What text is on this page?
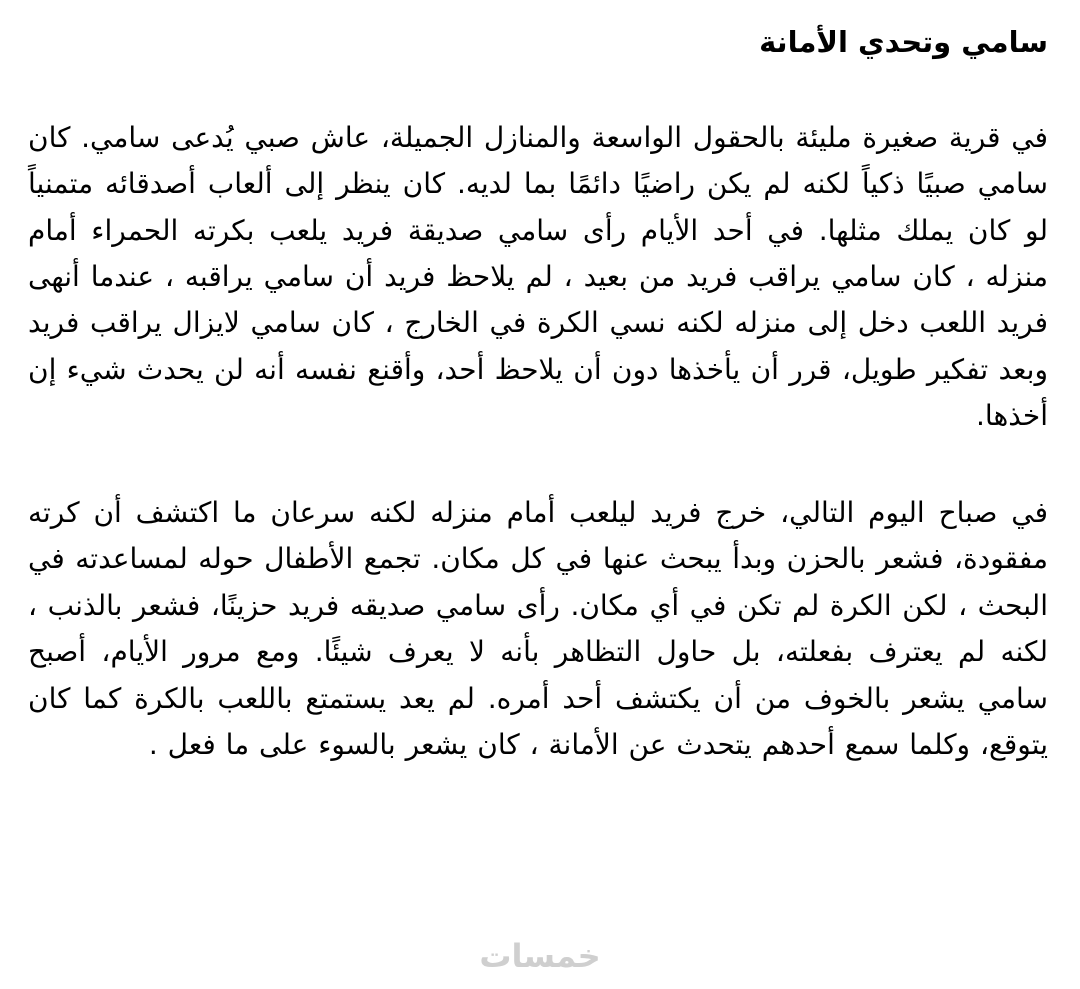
سامي وتحدي الأمانة

في قرية صغيرة مليئة بالحقول الواسعة والمنازل الجميلة، عاش صبي يُدعى سامي. كان سامي صبيًا ذكياً لكنه لم يكن راضيًا دائمًا بما لديه. كان ينظر إلى ألعاب أصدقائه متمنياً لو كان يملك مثلها. في أحد الأيام رأى سامي صديقة فريد يلعب بكرته الحمراء أمام منزله ، كان سامي يراقب فريد من بعيد ، لم يلاحظ فريد أن سامي يراقبه ، عندما أنهى فريد اللعب دخل إلى منزله لكنه نسي الكرة في الخارج ، كان سامي لايزال يراقب فريد وبعد تفكير طويل، قرر أن يأخذها دون أن يلاحظ أحد، وأقنع نفسه أنه لن يحدث شيء إن أخذها.

في صباح اليوم التالي، خرج فريد ليلعب أمام منزله لكنه سرعان ما اكتشف أن كرته مفقودة، فشعر بالحزن وبدأ يبحث عنها في كل مكان. تجمع الأطفال حوله لمساعدته في البحث ، لكن الكرة لم تكن في أي مكان. رأى سامي صديقه فريد حزينًا، فشعر بالذنب ، لكنه لم يعترف بفعلته، بل حاول التظاهر بأنه لا يعرف شيئًا. ومع مرور الأيام، أصبح سامي يشعر بالخوف من أن يكتشف أحد أمره. لم يعد يستمتع باللعب بالكرة كما كان يتوقع، وكلما سمع أحدهم يتحدث عن الأمانة ، كان يشعر بالسوء على ما فعل .

خمسات
